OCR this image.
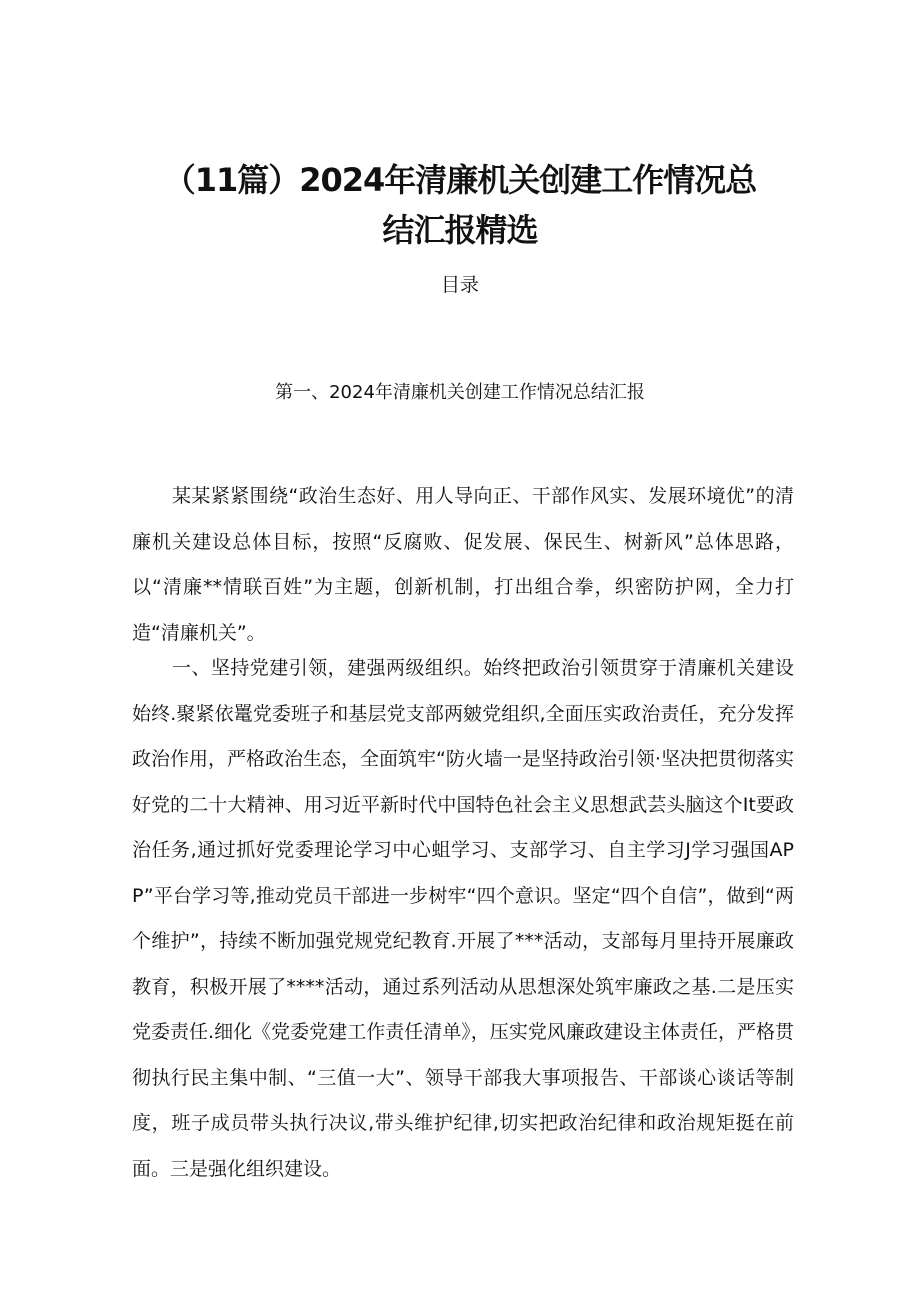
（11篇）2024年清廉机关创建工作情况总结汇报精选
目录
第一、2024年清廉机关创建工作情况总结汇报

某某紧紧围绕“政治生态好、用人导向正、干部作风实、发展环境优”的清廉机关建设总体目标，按照“反腐败、促发展、保民生、树新风”总体思路，以“清廉**情联百姓”为主题，创新机制，打出组合拳，织密防护网，全力打造“清廉机关”。

一、坚持党建引领，建强两级组织。始终把政治引领贯穿于清廉机关建设始终.聚紧依鼍党委班子和基层党支部两皴党组织,全面压实政治责任，充分发挥政治作用，严格政治生态，全面筑牢“防火墙一是坚持政治引领·坚决把贯彻落实好党的二十大精神、用习近平新时代中国特色社会主义思想武芸头脑这个It要政治任务,通过抓好党委理论学习中心蛆学习、支部学习、自主学习J学习强国APP”平台学习等,推动党员干部进一步树牢“四个意识。坚定“四个自信”，做到“两个维护”，持续不断加强党规党纪教育.开展了***活动，支部每月里持开展廉政教育，积极开展了****活动，通过系列活动从思想深处筑牢廉政之基.二是压实党委责任.细化《党委党建工作责任清单》，压实党风廉政建设主体责任，严格贯彻执行民主集中制、“三值一大”、领导干部我大事项报告、干部谈心谈话等制度，班子成员带头执行决议,带头维护纪律,切实把政治纪律和政治规矩挺在前面。三是强化组织建设。
